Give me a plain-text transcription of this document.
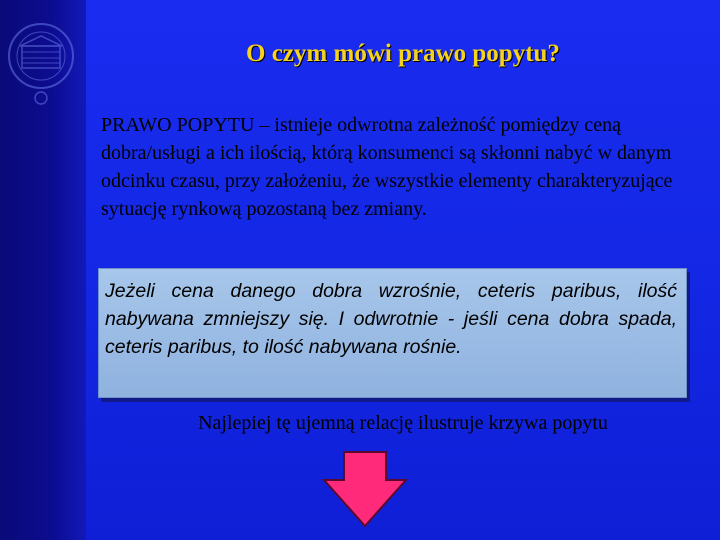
O czym mówi prawo popytu?
PRAWO POPYTU – istnieje odwrotna zależność pomiędzy ceną dobra/usługi a ich ilością, którą konsumenci są skłonni nabyć w danym odcinku czasu, przy założeniu, że wszystkie elementy charakteryzujące sytuację rynkową pozostaną bez zmiany.
Jeżeli cena danego dobra wzrośnie, ceteris paribus, ilość nabywana zmniejszy się. I odwrotnie - jeśli cena dobra spada, ceteris paribus, to ilość nabywana rośnie.
Najlepiej tę ujemną relację ilustruje krzywa popytu
